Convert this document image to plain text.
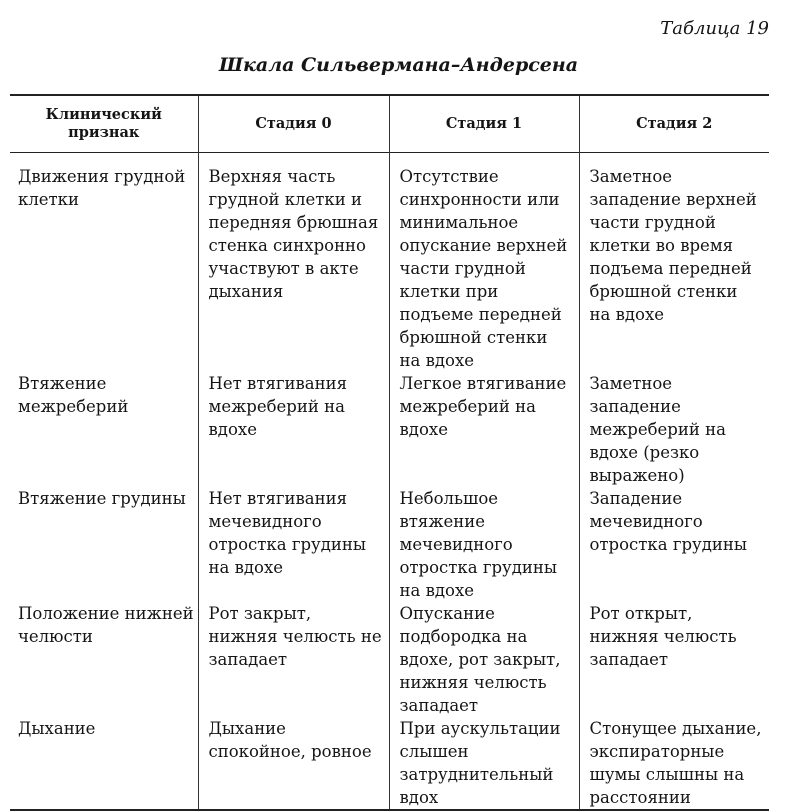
Таблица 19
Шкала Сильвермана–Андерсена
Клинический признак	Стадия 0	Стадия 1	Стадия 2

Движения грудной клетки	Верхняя часть грудной клетки и передняя брюшная стенка синхронно участвуют в акте дыхания	Отсутствие синхронности или минимальное опускание верхней части грудной клетки при подъеме передней брюшной стенки на вдохе	Заметное западение верхней части грудной клетки во время подъема передней брюшной стенки на вдохе

Втяжение межреберий	Нет втягивания межреберий на вдохе	Легкое втягивание межреберий на вдохе	Заметное западение межреберий на вдохе (резко выражено)

Втяжение грудины	Нет втягивания мечевидного отростка грудины на вдохе	Небольшое втяжение мечевидного отростка грудины на вдохе	Западение мечевидного отростка грудины

Положение нижней челюсти	Рот закрыт, нижняя челюсть не западает	Опускание подбородка на вдохе, рот закрыт, нижняя челюсть западает	Рот открыт, нижняя челюсть западает

Дыхание	Дыхание спокойное, ровное	При аускультации слышен затруднительный вдох	Стонущее дыхание, экспираторные шумы слышны на расстоянии
